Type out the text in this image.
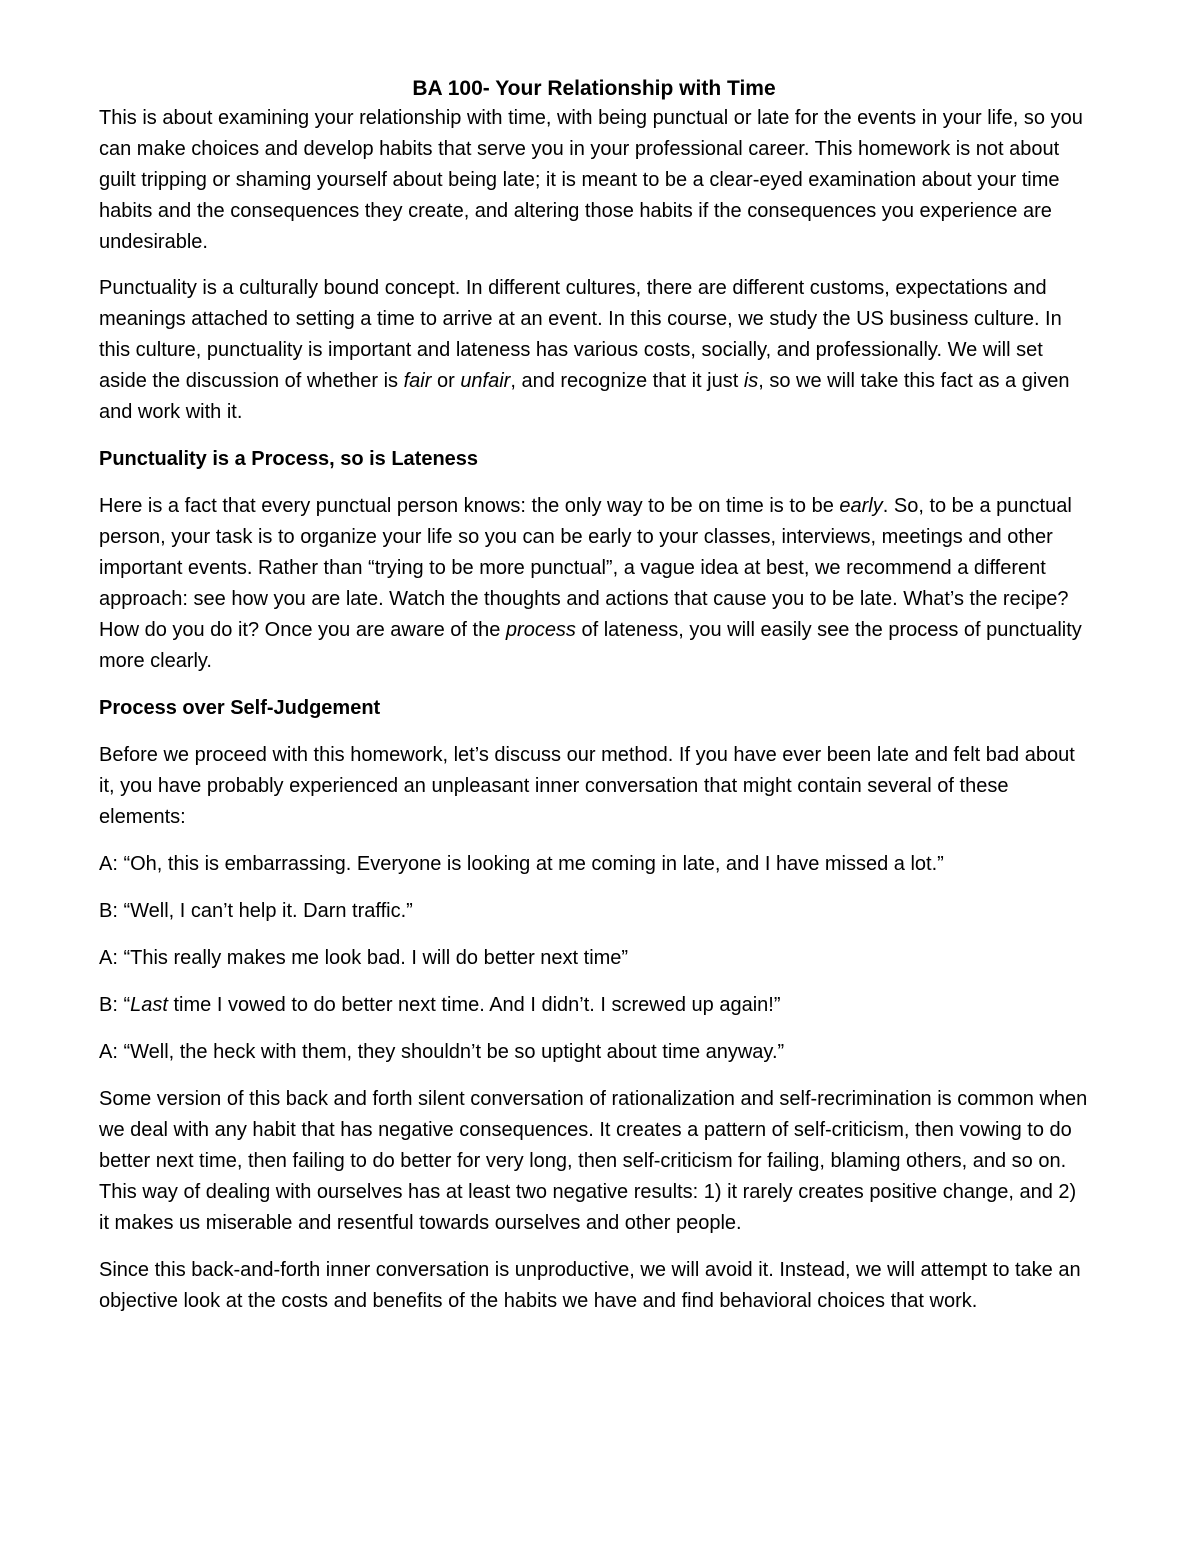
BA 100- Your Relationship with Time

This is about examining your relationship with time, with being punctual or late for the events in your life, so you can make choices and develop habits that serve you in your professional career. This homework is not about guilt tripping or shaming yourself about being late; it is meant to be a clear-eyed examination about your time habits and the consequences they create, and altering those habits if the consequences you experience are undesirable.

Punctuality is a culturally bound concept. In different cultures, there are different customs, expectations and meanings attached to setting a time to arrive at an event. In this course, we study the US business culture. In this culture, punctuality is important and lateness has various costs, socially, and professionally. We will set aside the discussion of whether is fair or unfair, and recognize that it just is, so we will take this fact as a given and work with it.

Punctuality is a Process, so is Lateness

Here is a fact that every punctual person knows: the only way to be on time is to be early. So, to be a punctual person, your task is to organize your life so you can be early to your classes, interviews, meetings and other important events. Rather than “trying to be more punctual”, a vague idea at best, we recommend a different approach: see how you are late. Watch the thoughts and actions that cause you to be late. What’s the recipe? How do you do it? Once you are aware of the process of lateness, you will easily see the process of punctuality more clearly.

Process over Self-Judgement

Before we proceed with this homework, let’s discuss our method. If you have ever been late and felt bad about it, you have probably experienced an unpleasant inner conversation that might contain several of these elements:

A: “Oh, this is embarrassing. Everyone is looking at me coming in late, and I have missed a lot.”

B: “Well, I can’t help it. Darn traffic.”

A: “This really makes me look bad. I will do better next time”

B: “Last time I vowed to do better next time. And I didn’t. I screwed up again!”

A: “Well, the heck with them, they shouldn’t be so uptight about time anyway.”

Some version of this back and forth silent conversation of rationalization and self-recrimination is common when we deal with any habit that has negative consequences. It creates a pattern of self-criticism, then vowing to do better next time, then failing to do better for very long, then self-criticism for failing, blaming others, and so on. This way of dealing with ourselves has at least two negative results: 1) it rarely creates positive change, and 2) it makes us miserable and resentful towards ourselves and other people.

Since this back-and-forth inner conversation is unproductive, we will avoid it. Instead, we will attempt to take an objective look at the costs and benefits of the habits we have and find behavioral choices that work.
